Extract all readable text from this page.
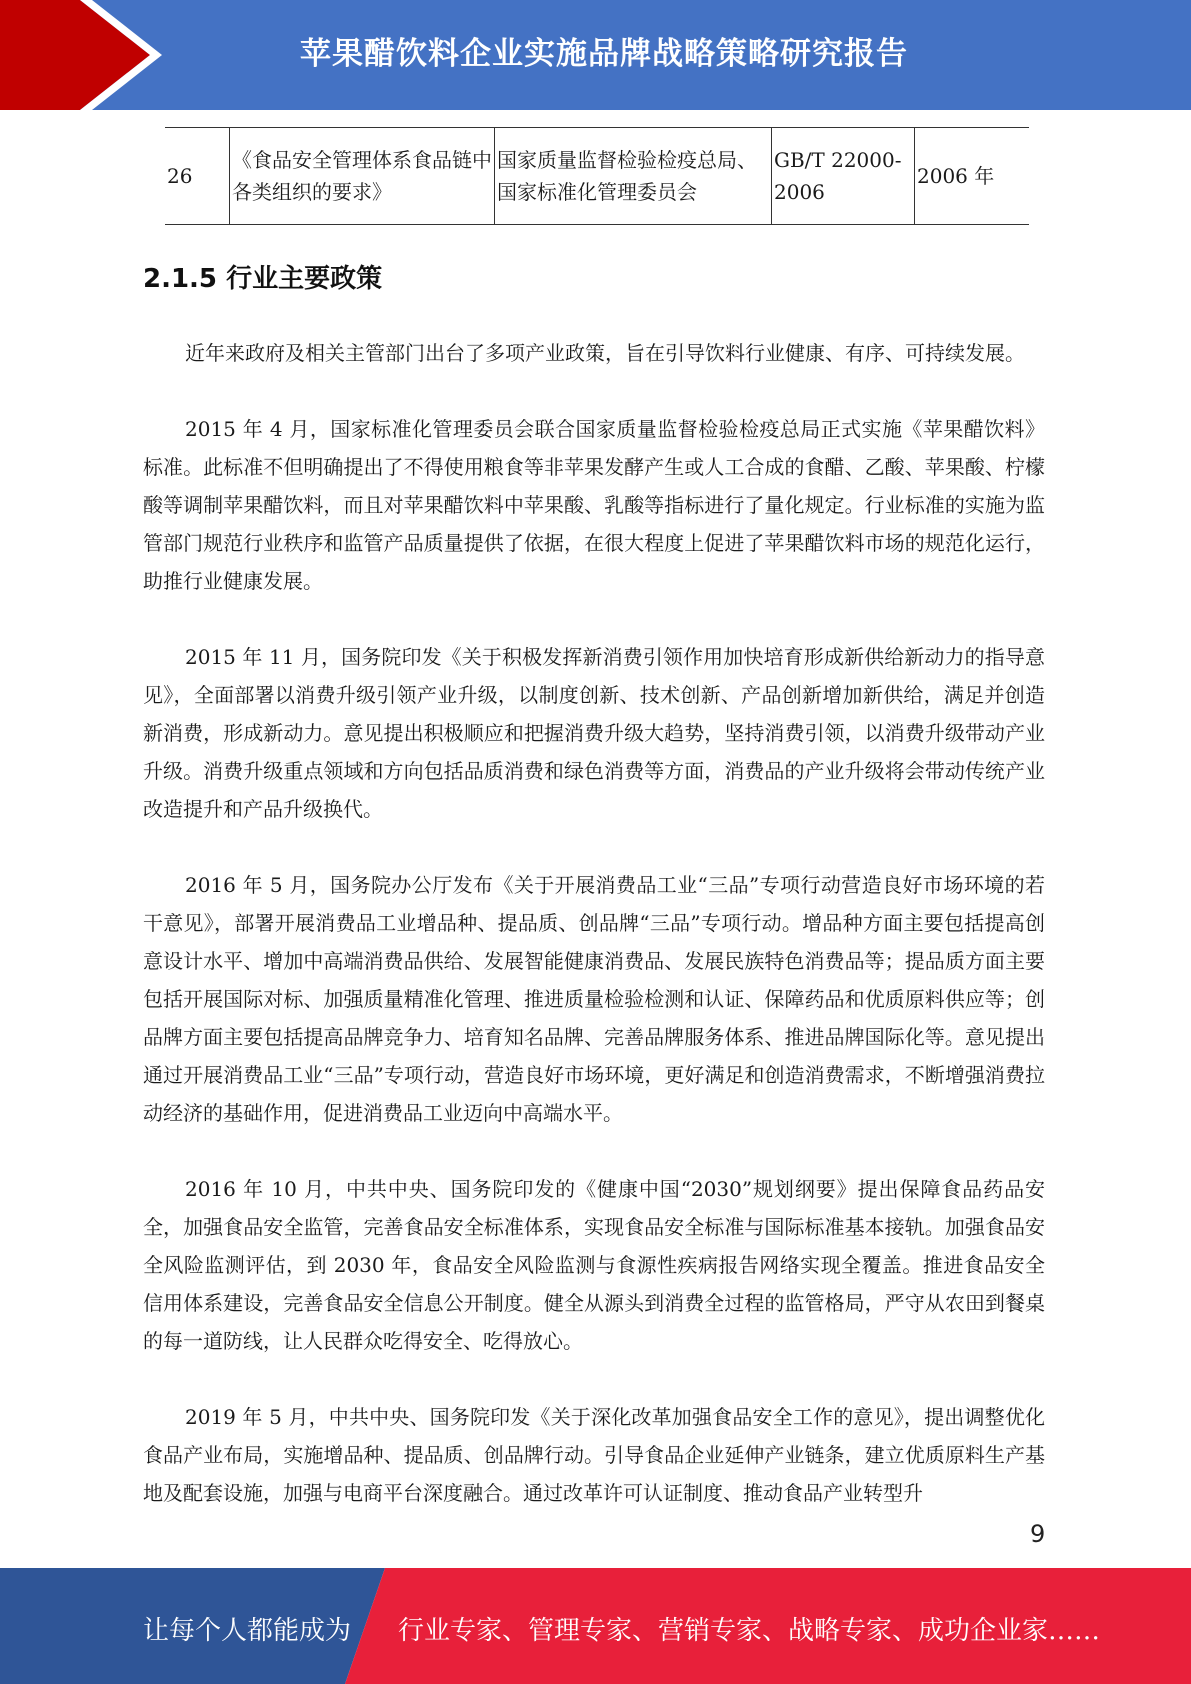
苹果醋饮料企业实施品牌战略策略研究报告
26	《食品安全管理体系食品链中各类组织的要求》	国家质量监督检验检疫总局、国家标准化管理委员会	GB/T 22000-2006	2006 年
2.1.5 行业主要政策

近年来政府及相关主管部门出台了多项产业政策，旨在引导饮料行业健康、有序、可持续发展。

2015 年 4 月，国家标准化管理委员会联合国家质量监督检验检疫总局正式实施《苹果醋饮料》标准。此标准不但明确提出了不得使用粮食等非苹果发酵产生或人工合成的食醋、乙酸、苹果酸、柠檬酸等调制苹果醋饮料，而且对苹果醋饮料中苹果酸、乳酸等指标进行了量化规定。行业标准的实施为监管部门规范行业秩序和监管产品质量提供了依据，在很大程度上促进了苹果醋饮料市场的规范化运行，助推行业健康发展。

2015 年 11 月，国务院印发《关于积极发挥新消费引领作用加快培育形成新供给新动力的指导意见》，全面部署以消费升级引领产业升级，以制度创新、技术创新、产品创新增加新供给，满足并创造新消费，形成新动力。意见提出积极顺应和把握消费升级大趋势，坚持消费引领，以消费升级带动产业升级。消费升级重点领域和方向包括品质消费和绿色消费等方面，消费品的产业升级将会带动传统产业改造提升和产品升级换代。

2016 年 5 月，国务院办公厅发布《关于开展消费品工业“三品”专项行动营造良好市场环境的若干意见》，部署开展消费品工业增品种、提品质、创品牌“三品”专项行动。增品种方面主要包括提高创意设计水平、增加中高端消费品供给、发展智能健康消费品、发展民族特色消费品等；提品质方面主要包括开展国际对标、加强质量精准化管理、推进质量检验检测和认证、保障药品和优质原料供应等；创品牌方面主要包括提高品牌竞争力、培育知名品牌、完善品牌服务体系、推进品牌国际化等。意见提出通过开展消费品工业“三品”专项行动，营造良好市场环境，更好满足和创造消费需求，不断增强消费拉动经济的基础作用，促进消费品工业迈向中高端水平。

2016 年 10 月，中共中央、国务院印发的《健康中国“2030”规划纲要》提出保障食品药品安全，加强食品安全监管，完善食品安全标准体系，实现食品安全标准与国际标准基本接轨。加强食品安全风险监测评估，到 2030 年，食品安全风险监测与食源性疾病报告网络实现全覆盖。推进食品安全信用体系建设，完善食品安全信息公开制度。健全从源头到消费全过程的监管格局，严守从农田到餐桌的每一道防线，让人民群众吃得安全、吃得放心。

2019 年 5 月，中共中央、国务院印发《关于深化改革加强食品安全工作的意见》，提出调整优化食品产业布局，实施增品种、提品质、创品牌行动。引导食品企业延伸产业链条，建立优质原料生产基地及配套设施，加强与电商平台深度融合。通过改革许可认证制度、推动食品产业转型升

9
让每个人都能成为 行业专家、管理专家、营销专家、战略专家、成功企业家……
